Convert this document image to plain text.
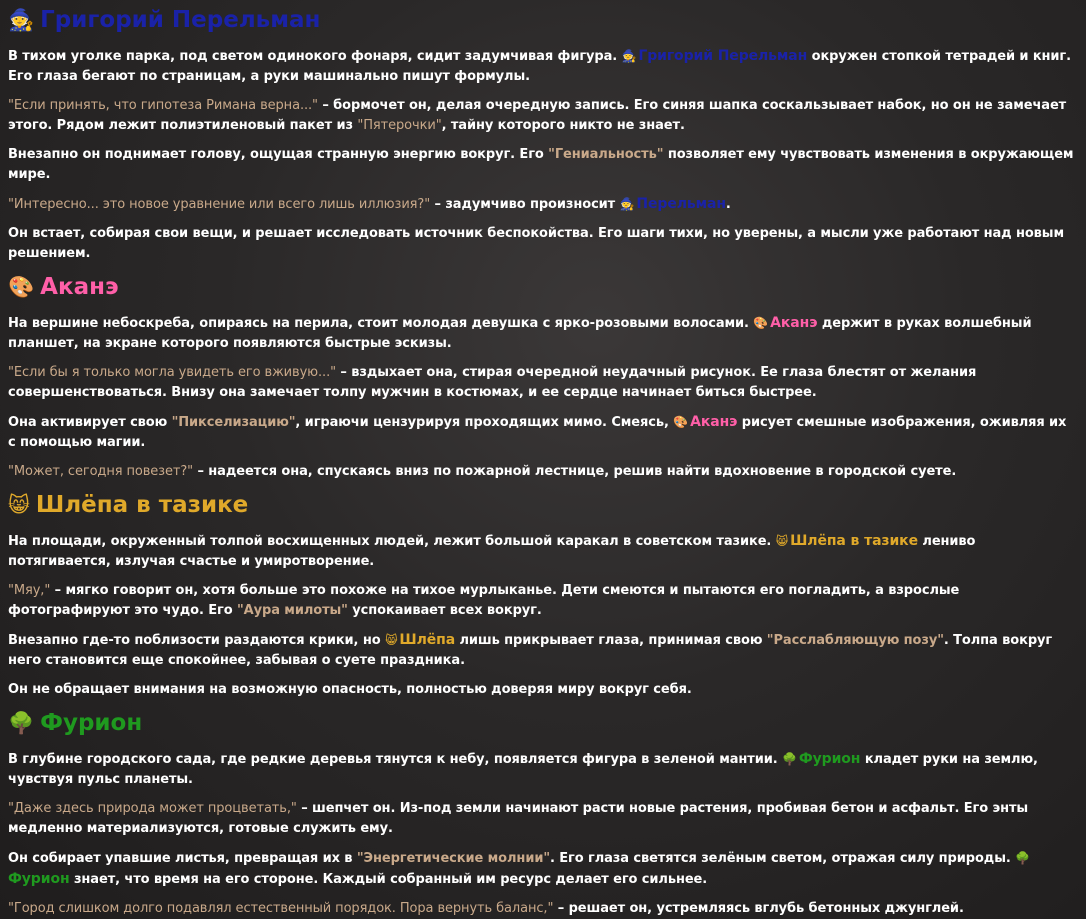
🧙 Григорий Перельман

В тихом уголке парка, под светом одинокого фонаря, сидит задумчивая фигура. 🧙 Григорий Перельман окружен стопкой тетрадей и книг. Его глаза бегают по страницам, а руки машинально пишут формулы.

"Если принять, что гипотеза Римана верна..." – бормочет он, делая очередную запись. Его синяя шапка соскальзывает набок, но он не замечает этого. Рядом лежит полиэтиленовый пакет из "Пятерочки", тайну которого никто не знает.

Внезапно он поднимает голову, ощущая странную энергию вокруг. Его "Гениальность" позволяет ему чувствовать изменения в окружающем мире.

"Интересно... это новое уравнение или всего лишь иллюзия?" – задумчиво произносит 🧙 Перельман.

Он встает, собирая свои вещи, и решает исследовать источник беспокойства. Его шаги тихи, но уверены, а мысли уже работают над новым решением.

🎨 Аканэ

На вершине небоскреба, опираясь на перила, стоит молодая девушка с ярко-розовыми волосами. 🎨 Аканэ держит в руках волшебный планшет, на экране которого появляются быстрые эскизы.

"Если бы я только могла увидеть его вживую..." – вздыхает она, стирая очередной неудачный рисунок. Ее глаза блестят от желания совершенствоваться. Внизу она замечает толпу мужчин в костюмах, и ее сердце начинает биться быстрее.

Она активирует свою "Пикселизацию", играючи цензурируя проходящих мимо. Смеясь, 🎨 Аканэ рисует смешные изображения, оживляя их с помощью магии.

"Может, сегодня повезет?" – надеется она, спускаясь вниз по пожарной лестнице, решив найти вдохновение в городской суете.

😸 Шлёпа в тазике

На площади, окруженный толпой восхищенных людей, лежит большой каракал в советском тазике. 😸 Шлёпа в тазике лениво потягивается, излучая счастье и умиротворение.

"Мяу," – мягко говорит он, хотя больше это похоже на тихое мурлыканье. Дети смеются и пытаются его погладить, а взрослые фотографируют это чудо. Его "Аура милоты" успокаивает всех вокруг.

Внезапно где-то поблизости раздаются крики, но 😸 Шлёпа лишь прикрывает глаза, принимая свою "Расслабляющую позу". Толпа вокруг него становится еще спокойнее, забывая о суете праздника.

Он не обращает внимания на возможную опасность, полностью доверяя миру вокруг себя.

🌳 Фурион

В глубине городского сада, где редкие деревья тянутся к небу, появляется фигура в зеленой мантии. 🌳 Фурион кладет руки на землю, чувствуя пульс планеты.

"Даже здесь природа может процветать," – шепчет он. Из-под земли начинают расти новые растения, пробивая бетон и асфальт. Его энты медленно материализуются, готовые служить ему.

Он собирает упавшие листья, превращая их в "Энергетические молнии". Его глаза светятся зелёным светом, отражая силу природы. 🌳Фурион знает, что время на его стороне. Каждый собранный им ресурс делает его сильнее.

"Город слишком долго подавлял естественный порядок. Пора вернуть баланс," – решает он, устремляясь вглубь бетонных джунглей.
